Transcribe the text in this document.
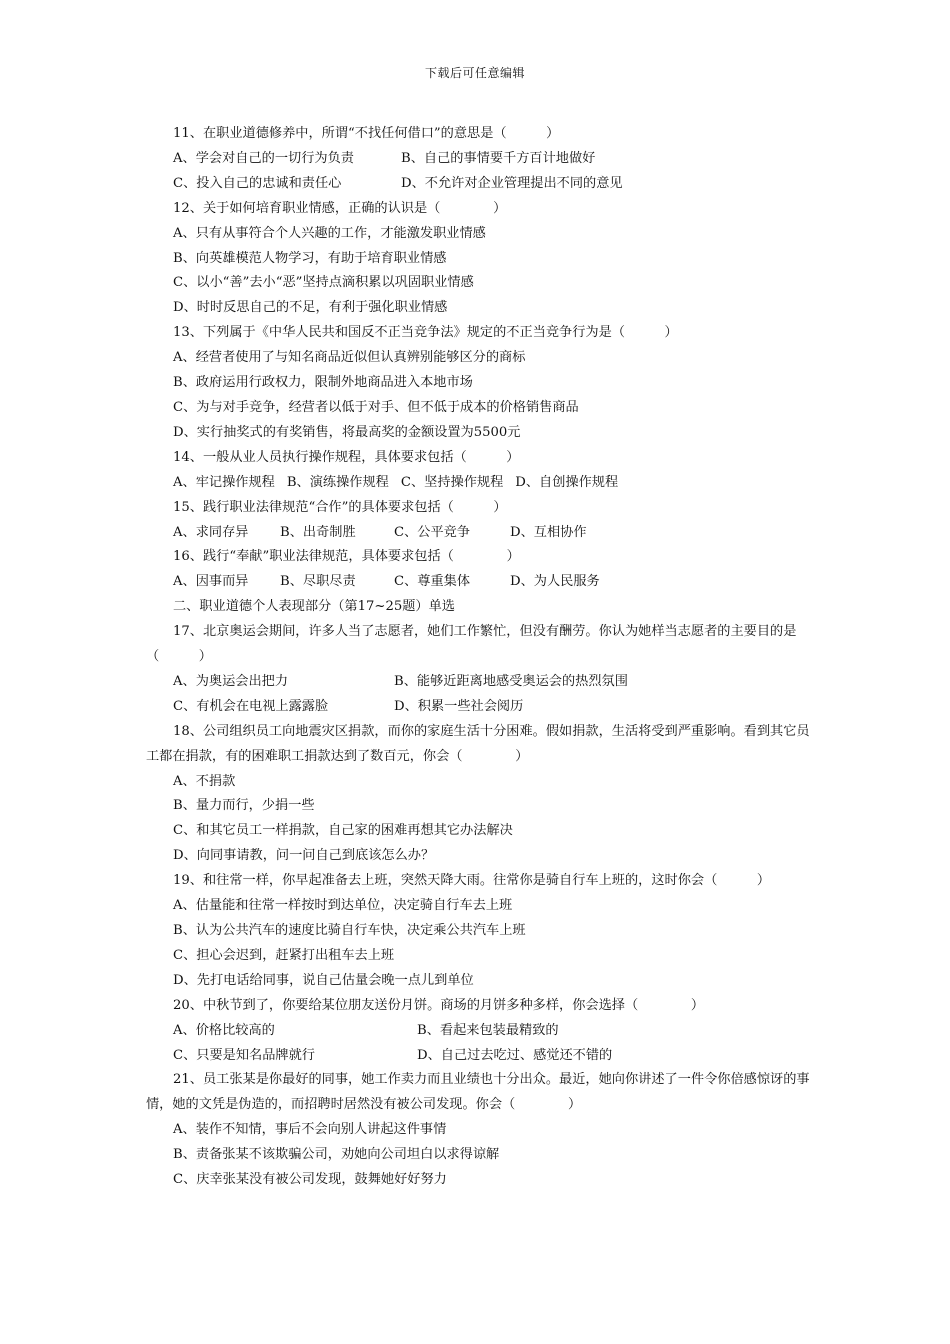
下载后可任意编辑

11、在职业道德修养中，所谓“不找任何借口”的意思是（　　　）

A、学会对自己的一切行为负责	B、自己的事情要千方百计地做好
C、投入自己的忠诚和责任心	D、不允许对企业管理提出不同的意见

12、关于如何培育职业情感，正确的认识是（　　　　）

A、只有从事符合个人兴趣的工作，才能激发职业情感

B、向英雄模范人物学习，有助于培育职业情感

C、以小“善”去小“恶”坚持点滴积累以巩固职业情感

D、时时反思自己的不足，有利于强化职业情感

13、下列属于《中华人民共和国反不正当竞争法》规定的不正当竞争行为是（　　　）

A、经营者使用了与知名商品近似但认真辨别能够区分的商标

B、政府运用行政权力，限制外地商品进入本地市场

C、为与对手竞争，经营者以低于对手、但不低于成本的价格销售商品

D、实行抽奖式的有奖销售，将最高奖的金额设置为5500元

14、一般从业人员执行操作规程，具体要求包括（　　　）

A、牢记操作规程 B、演练操作规程 C、坚持操作规程 D、自创操作规程

15、践行职业法律规范“合作”的具体要求包括（　　　）

A、求同存异	B、出奇制胜	C、公平竞争	D、互相协作

16、践行“奉献”职业法律规范，具体要求包括（　　　　）

A、因事而异	B、尽职尽责	C、尊重集体	D、为人民服务

二、职业道德个人表现部分（第17~25题）单选

17、北京奥运会期间，许多人当了志愿者，她们工作繁忙，但没有酬劳。你认为她样当志愿者的主要目的是（　　　）

A、为奥运会出把力	B、能够近距离地感受奥运会的热烈氛围
C、有机会在电视上露露脸	D、积累一些社会阅历

18、公司组织员工向地震灾区捐款，而你的家庭生活十分困难。假如捐款，生活将受到严重影响。看到其它员工都在捐款，有的困难职工捐款达到了数百元，你会（　　　　）

A、不捐款

B、量力而行，少捐一些

C、和其它员工一样捐款，自己家的困难再想其它办法解决

D、向同事请教，问一问自己到底该怎么办？

19、和往常一样，你早起准备去上班，突然天降大雨。往常你是骑自行车上班的，这时你会（　　　）

A、估量能和往常一样按时到达单位，决定骑自行车去上班

B、认为公共汽车的速度比骑自行车快，决定乘公共汽车上班

C、担心会迟到，赶紧打出租车去上班

D、先打电话给同事，说自己估量会晚一点儿到单位

20、中秋节到了，你要给某位朋友送份月饼。商场的月饼多种多样，你会选择（　　　　）

A、价格比较高的	B、看起来包装最精致的
C、只要是知名品牌就行	D、自己过去吃过、感觉还不错的

21、员工张某是你最好的同事，她工作卖力而且业绩也十分出众。最近，她向你讲述了一件令你倍感惊讶的事情，她的文凭是伪造的，而招聘时居然没有被公司发现。你会（　　　　）

A、装作不知情，事后不会向别人讲起这件事情

B、责备张某不该欺骗公司，劝她向公司坦白以求得谅解

C、庆幸张某没有被公司发现，鼓舞她好好努力
